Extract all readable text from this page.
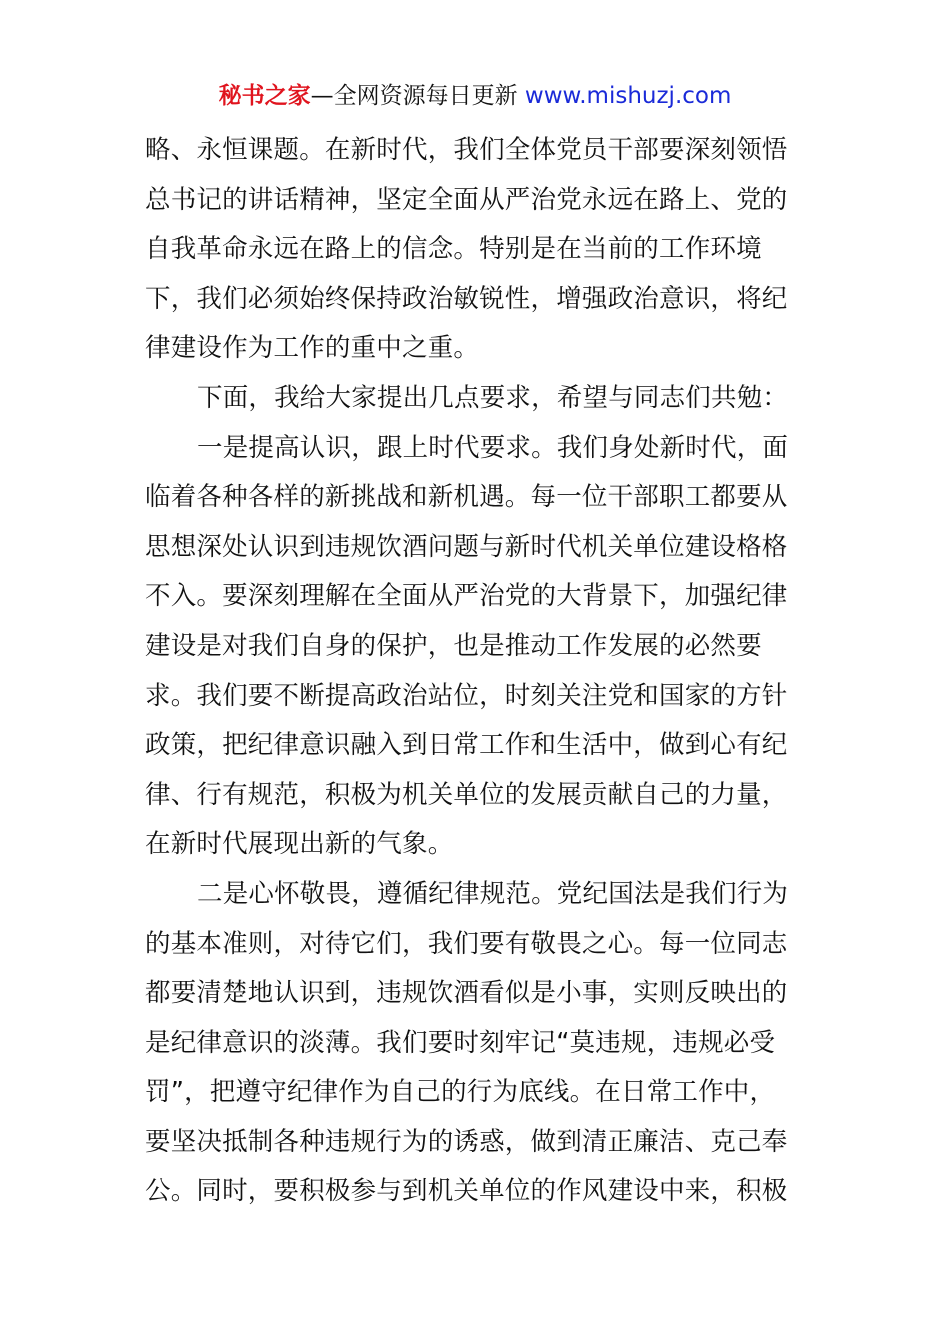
秘书之家—全网资源每日更新 www.mishuzj.com
略、永恒课题。在新时代，我们全体党员干部要深刻领悟
总书记的讲话精神，坚定全面从严治党永远在路上、党的
自我革命永远在路上的信念。特别是在当前的工作环境
下，我们必须始终保持政治敏锐性，增强政治意识，将纪
律建设作为工作的重中之重。
下面，我给大家提出几点要求，希望与同志们共勉：
一是提高认识，跟上时代要求。我们身处新时代，面
临着各种各样的新挑战和新机遇。每一位干部职工都要从
思想深处认识到违规饮酒问题与新时代机关单位建设格格
不入。要深刻理解在全面从严治党的大背景下，加强纪律
建设是对我们自身的保护，也是推动工作发展的必然要
求。我们要不断提高政治站位，时刻关注党和国家的方针
政策，把纪律意识融入到日常工作和生活中，做到心有纪
律、行有规范，积极为机关单位的发展贡献自己的力量，
在新时代展现出新的气象。
二是心怀敬畏，遵循纪律规范。党纪国法是我们行为
的基本准则，对待它们，我们要有敬畏之心。每一位同志
都要清楚地认识到，违规饮酒看似是小事，实则反映出的
是纪律意识的淡薄。我们要时刻牢记“莫违规，违规必受
罚”，把遵守纪律作为自己的行为底线。在日常工作中，
要坚决抵制各种违规行为的诱惑，做到清正廉洁、克己奉
公。同时，要积极参与到机关单位的作风建设中来，积极
